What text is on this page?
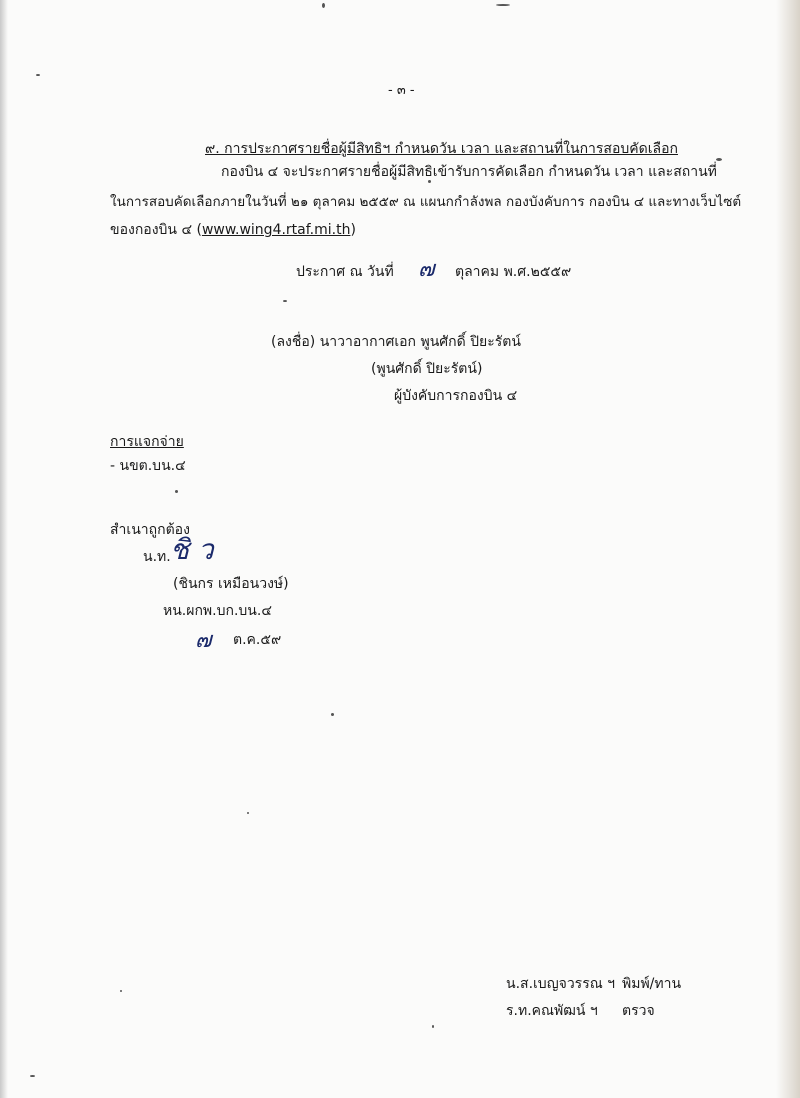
- ๓ -
๙. การประกาศรายชื่อผู้มีสิทธิฯ กำหนดวัน เวลา และสถานที่ในการสอบคัดเลือก
กองบิน ๔ จะประกาศรายชื่อผู้มีสิทธิเข้ารับการคัดเลือก กำหนดวัน เวลา และสถานที่
ในการสอบคัดเลือกภายในวันที่ ๒๑ ตุลาคม ๒๕๕๙ ณ แผนกกำลังพล กองบังคับการ กองบิน ๔ และทางเว็บไซต์
ของกองบิน ๔ (www.wing4.rtaf.mi.th)
ประกาศ ณ วันที่ ๗ ตุลาคม พ.ศ.๒๕๕๙
(ลงชื่อ) นาวาอากาศเอก พูนศักดิ์ ปิยะรัตน์
(พูนศักดิ์ ปิยะรัตน์)
ผู้บังคับการกองบิน ๔
การแจกจ่าย
- นขต.บน.๔
สำเนาถูกต้อง
น.ท. ชิ ว
(ชินกร เหมือนวงษ์)
หน.ผกพ.บก.บน.๔
๗ ต.ค.๕๙
น.ส.เบญจวรรณ ฯ พิมพ์/ทาน
ร.ท.คณพัฒน์ ฯ ตรวจ
